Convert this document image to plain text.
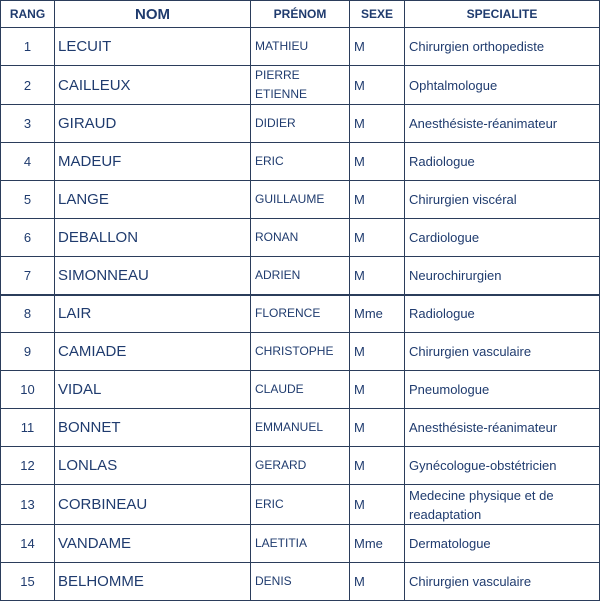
RANG	NOM	PRÉNOM	SEXE	SPECIALITE
1	LECUIT	MATHIEU	M	Chirurgien orthopediste
2	CAILLEUX	PIERRE ETIENNE	M	Ophtalmologue
3	GIRAUD	DIDIER	M	Anesthésiste-réanimateur
4	MADEUF	ERIC	M	Radiologue
5	LANGE	GUILLAUME	M	Chirurgien viscéral
6	DEBALLON	RONAN	M	Cardiologue
7	SIMONNEAU	ADRIEN	M	Neurochirurgien
8	LAIR	FLORENCE	Mme	Radiologue
9	CAMIADE	CHRISTOPHE	M	Chirurgien vasculaire
10	VIDAL	CLAUDE	M	Pneumologue
11	BONNET	EMMANUEL	M	Anesthésiste-réanimateur
12	LONLAS	GERARD	M	Gynécologue-obstétricien
13	CORBINEAU	ERIC	M	Medecine physique et de readaptation
14	VANDAME	LAETITIA	Mme	Dermatologue
15	BELHOMME	DENIS	M	Chirurgien vasculaire
